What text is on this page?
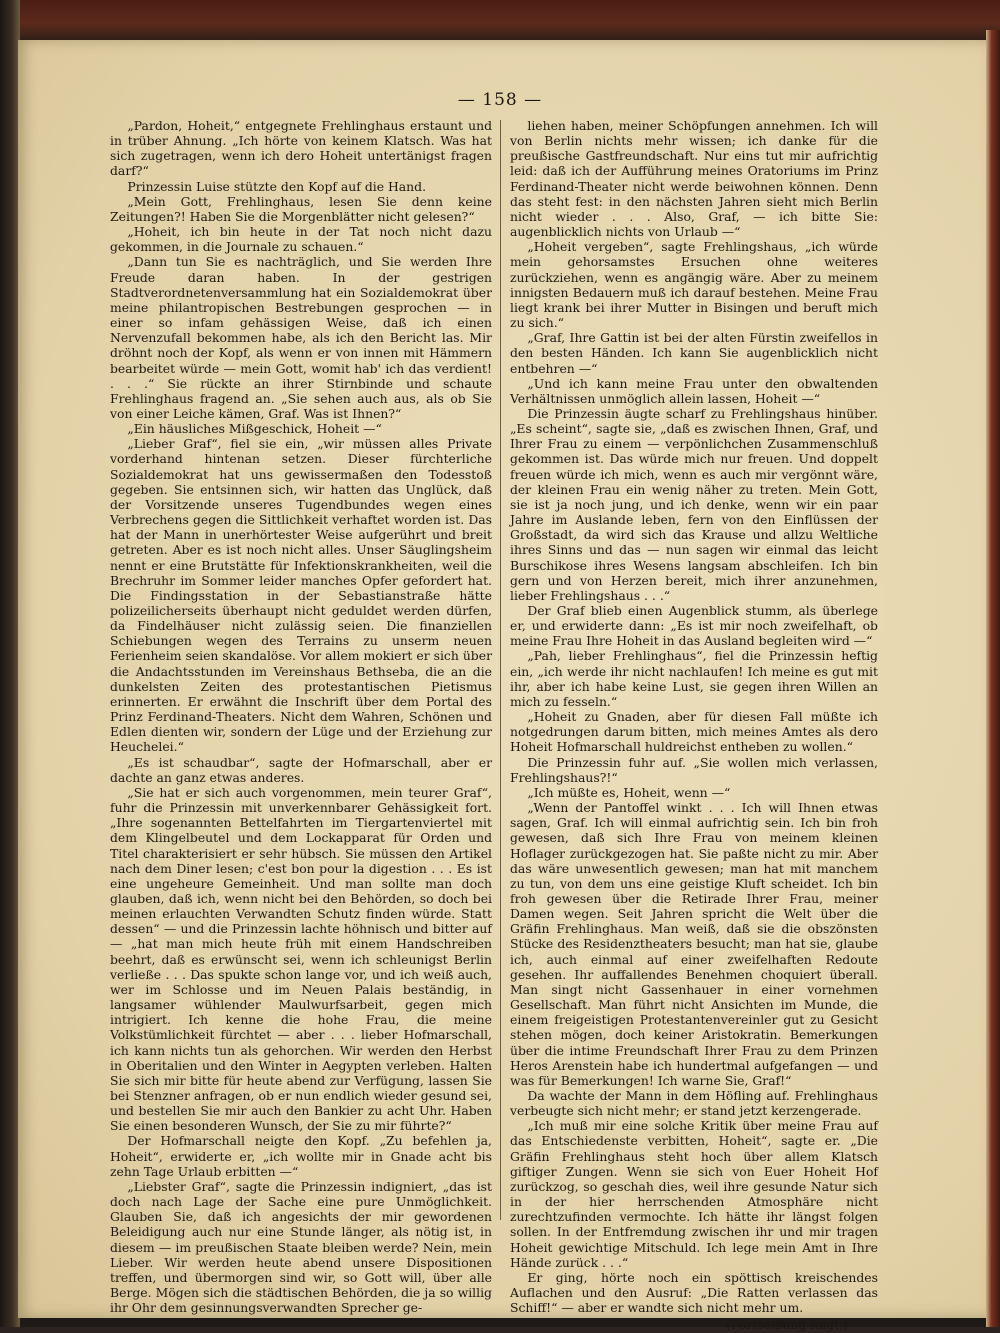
— 158 —

„Pardon, Hoheit,“ entgegnete Frehlinghaus erstaunt und in trüber Ahnung. „Ich hörte von keinem Klatsch. Was hat sich zugetragen, wenn ich dero Hoheit untertänigst fragen darf?“

Prinzessin Luise stützte den Kopf auf die Hand.

„Mein Gott, Frehlinghaus, lesen Sie denn keine Zeitungen?! Haben Sie die Morgenblätter nicht gelesen?“

„Hoheit, ich bin heute in der Tat noch nicht dazu gekommen, in die Journale zu schauen.“

„Dann tun Sie es nachträglich, und Sie werden Ihre Freude daran haben. In der gestrigen Stadtverordnetenversammlung hat ein Sozialdemokrat über meine philantropischen Bestrebungen gesprochen — in einer so infam gehässigen Weise, daß ich einen Nervenzufall bekommen habe, als ich den Bericht las. Mir dröhnt noch der Kopf, als wenn er von innen mit Hämmern bearbeitet würde — mein Gott, womit hab' ich das verdient! . . .“ Sie rückte an ihrer Stirnbinde und schaute Frehlinghaus fragend an. „Sie sehen auch aus, als ob Sie von einer Leiche kämen, Graf. Was ist Ihnen?“

„Ein häusliches Mißgeschick, Hoheit —“

„Lieber Graf“, fiel sie ein, „wir müssen alles Private vorderhand hintenan setzen. Dieser fürchterliche Sozialdemokrat hat uns gewissermaßen den Todesstoß gegeben. Sie entsinnen sich, wir hatten das Unglück, daß der Vorsitzende unseres Tugendbundes wegen eines Verbrechens gegen die Sittlichkeit verhaftet worden ist. Das hat der Mann in unerhörtester Weise aufgerührt und breit getreten. Aber es ist noch nicht alles. Unser Säuglingsheim nennt er eine Brutstätte für Infektionskrankheiten, weil die Brechruhr im Sommer leider manches Opfer gefordert hat. Die Findingsstation in der Sebastianstraße hätte polizeilicherseits überhaupt nicht geduldet werden dürfen, da Findelhäuser nicht zulässig seien. Die finanziellen Schiebungen wegen des Terrains zu unserm neuen Ferienheim seien skandalöse. Vor allem mokiert er sich über die Andachtsstunden im Vereinshaus Bethseba, die an die dunkelsten Zeiten des protestantischen Pietismus erinnerten. Er erwähnt die Inschrift über dem Portal des Prinz Ferdinand-Theaters. Nicht dem Wahren, Schönen und Edlen dienten wir, sondern der Lüge und der Erziehung zur Heuchelei.“

„Es ist schaudbar“, sagte der Hofmarschall, aber er dachte an ganz etwas anderes.

„Sie hat er sich auch vorgenommen, mein teurer Graf“, fuhr die Prinzessin mit unverkennbarer Gehässigkeit fort. „Ihre sogenannten Bettelfahrten im Tiergartenviertel mit dem Klingelbeutel und dem Lockapparat für Orden und Titel charakterisiert er sehr hübsch. Sie müssen den Artikel nach dem Diner lesen; c'est bon pour la digestion . . . Es ist eine ungeheure Gemeinheit. Und man sollte man doch glauben, daß ich, wenn nicht bei den Behörden, so doch bei meinen erlauchten Verwandten Schutz finden würde. Statt dessen“ — und die Prinzessin lachte höhnisch und bitter auf — „hat man mich heute früh mit einem Handschreiben beehrt, daß es erwünscht sei, wenn ich schleunigst Berlin verließe . . . Das spukte schon lange vor, und ich weiß auch, wer im Schlosse und im Neuen Palais beständig, in langsamer wühlender Maulwurfsarbeit, gegen mich intrigiert. Ich kenne die hohe Frau, die meine Volkstümlichkeit fürchtet — aber . . . lieber Hofmarschall, ich kann nichts tun als gehorchen. Wir werden den Herbst in Oberitalien und den Winter in Aegypten verleben. Halten Sie sich mir bitte für heute abend zur Verfügung, lassen Sie bei Stenzner anfragen, ob er nun endlich wieder gesund sei, und bestellen Sie mir auch den Bankier zu acht Uhr. Haben Sie einen besonderen Wunsch, der Sie zu mir führte?“

Der Hofmarschall neigte den Kopf. „Zu befehlen ja, Hoheit“, erwiderte er, „ich wollte mir in Gnade acht bis zehn Tage Urlaub erbitten —“

„Liebster Graf“, sagte die Prinzessin indigniert, „das ist doch nach Lage der Sache eine pure Unmöglichkeit. Glauben Sie, daß ich angesichts der mir gewordenen Beleidigung auch nur eine Stunde länger, als nötig ist, in diesem — im preußischen Staate bleiben werde? Nein, mein Lieber. Wir werden heute abend unsere Dispositionen treffen, und übermorgen sind wir, so Gott will, über alle Berge. Mögen sich die städtischen Behörden, die ja so willig ihr Ohr dem gesinnungsverwandten Sprecher ge-

liehen haben, meiner Schöpfungen annehmen. Ich will von Berlin nichts mehr wissen; ich danke für die preußische Gastfreundschaft. Nur eins tut mir aufrichtig leid: daß ich der Aufführung meines Oratoriums im Prinz Ferdinand-Theater nicht werde beiwohnen können. Denn das steht fest: in den nächsten Jahren sieht mich Berlin nicht wieder . . . Also, Graf, — ich bitte Sie: augenblicklich nichts von Urlaub —“

„Hoheit vergeben“, sagte Frehlingshaus, „ich würde mein gehorsamstes Ersuchen ohne weiteres zurückziehen, wenn es angängig wäre. Aber zu meinem innigsten Bedauern muß ich darauf bestehen. Meine Frau liegt krank bei ihrer Mutter in Bisingen und beruft mich zu sich.“

„Graf, Ihre Gattin ist bei der alten Fürstin zweifellos in den besten Händen. Ich kann Sie augenblicklich nicht entbehren —“

„Und ich kann meine Frau unter den obwaltenden Verhältnissen unmöglich allein lassen, Hoheit —“

Die Prinzessin äugte scharf zu Frehlingshaus hinüber. „Es scheint“, sagte sie, „daß es zwischen Ihnen, Graf, und Ihrer Frau zu einem — verpönlichchen Zusammenschluß gekommen ist. Das würde mich nur freuen. Und doppelt freuen würde ich mich, wenn es auch mir vergönnt wäre, der kleinen Frau ein wenig näher zu treten. Mein Gott, sie ist ja noch jung, und ich denke, wenn wir ein paar Jahre im Auslande leben, fern von den Einflüssen der Großstadt, da wird sich das Krause und allzu Weltliche ihres Sinns und das — nun sagen wir einmal das leicht Burschikose ihres Wesens langsam abschleifen. Ich bin gern und von Herzen bereit, mich ihrer anzunehmen, lieber Frehlingshaus . . .“

Der Graf blieb einen Augenblick stumm, als überlege er, und erwiderte dann: „Es ist mir noch zweifelhaft, ob meine Frau Ihre Hoheit in das Ausland begleiten wird —“

„Pah, lieber Frehlinghaus“, fiel die Prinzessin heftig ein, „ich werde ihr nicht nachlaufen! Ich meine es gut mit ihr, aber ich habe keine Lust, sie gegen ihren Willen an mich zu fesseln.“

„Hoheit zu Gnaden, aber für diesen Fall müßte ich notgedrungen darum bitten, mich meines Amtes als dero Hoheit Hofmarschall huldreichst entheben zu wollen.“

Die Prinzessin fuhr auf. „Sie wollen mich verlassen, Frehlingshaus?!“

„Ich müßte es, Hoheit, wenn —“

„Wenn der Pantoffel winkt . . . Ich will Ihnen etwas sagen, Graf. Ich will einmal aufrichtig sein. Ich bin froh gewesen, daß sich Ihre Frau von meinem kleinen Hoflager zurückgezogen hat. Sie paßte nicht zu mir. Aber das wäre unwesentlich gewesen; man hat mit manchem zu tun, von dem uns eine geistige Kluft scheidet. Ich bin froh gewesen über die Retirade Ihrer Frau, meiner Damen wegen. Seit Jahren spricht die Welt über die Gräfin Frehlinghaus. Man weiß, daß sie die obszönsten Stücke des Residenztheaters besucht; man hat sie, glaube ich, auch einmal auf einer zweifelhaften Redoute gesehen. Ihr auffallendes Benehmen choquiert überall. Man singt nicht Gassenhauer in einer vornehmen Gesellschaft. Man führt nicht Ansichten im Munde, die einem freigeistigen Protestantenvereinler gut zu Gesicht stehen mögen, doch keiner Aristokratin. Bemerkungen über die intime Freundschaft Ihrer Frau zu dem Prinzen Heros Arenstein habe ich hundertmal aufgefangen — und was für Bemerkungen! Ich warne Sie, Graf!“

Da wachte der Mann in dem Höfling auf. Frehlinghaus verbeugte sich nicht mehr; er stand jetzt kerzengerade.

„Ich muß mir eine solche Kritik über meine Frau auf das Entschiedenste verbitten, Hoheit“, sagte er. „Die Gräfin Frehlinghaus steht hoch über allem Klatsch giftiger Zungen. Wenn sie sich von Euer Hoheit Hof zurückzog, so geschah dies, weil ihre gesunde Natur sich in der hier herrschenden Atmosphäre nicht zurechtzufinden vermochte. Ich hätte ihr längst folgen sollen. In der Entfremdung zwischen ihr und mir tragen Hoheit gewichtige Mitschuld. Ich lege mein Amt in Ihre Hände zurück . . .“

Er ging, hörte noch ein spöttisch kreischendes Auflachen und den Ausruf: „Die Ratten verlassen das Schiff!“ — aber er wandte sich nicht mehr um.

(Fortsetzung folgt.)
